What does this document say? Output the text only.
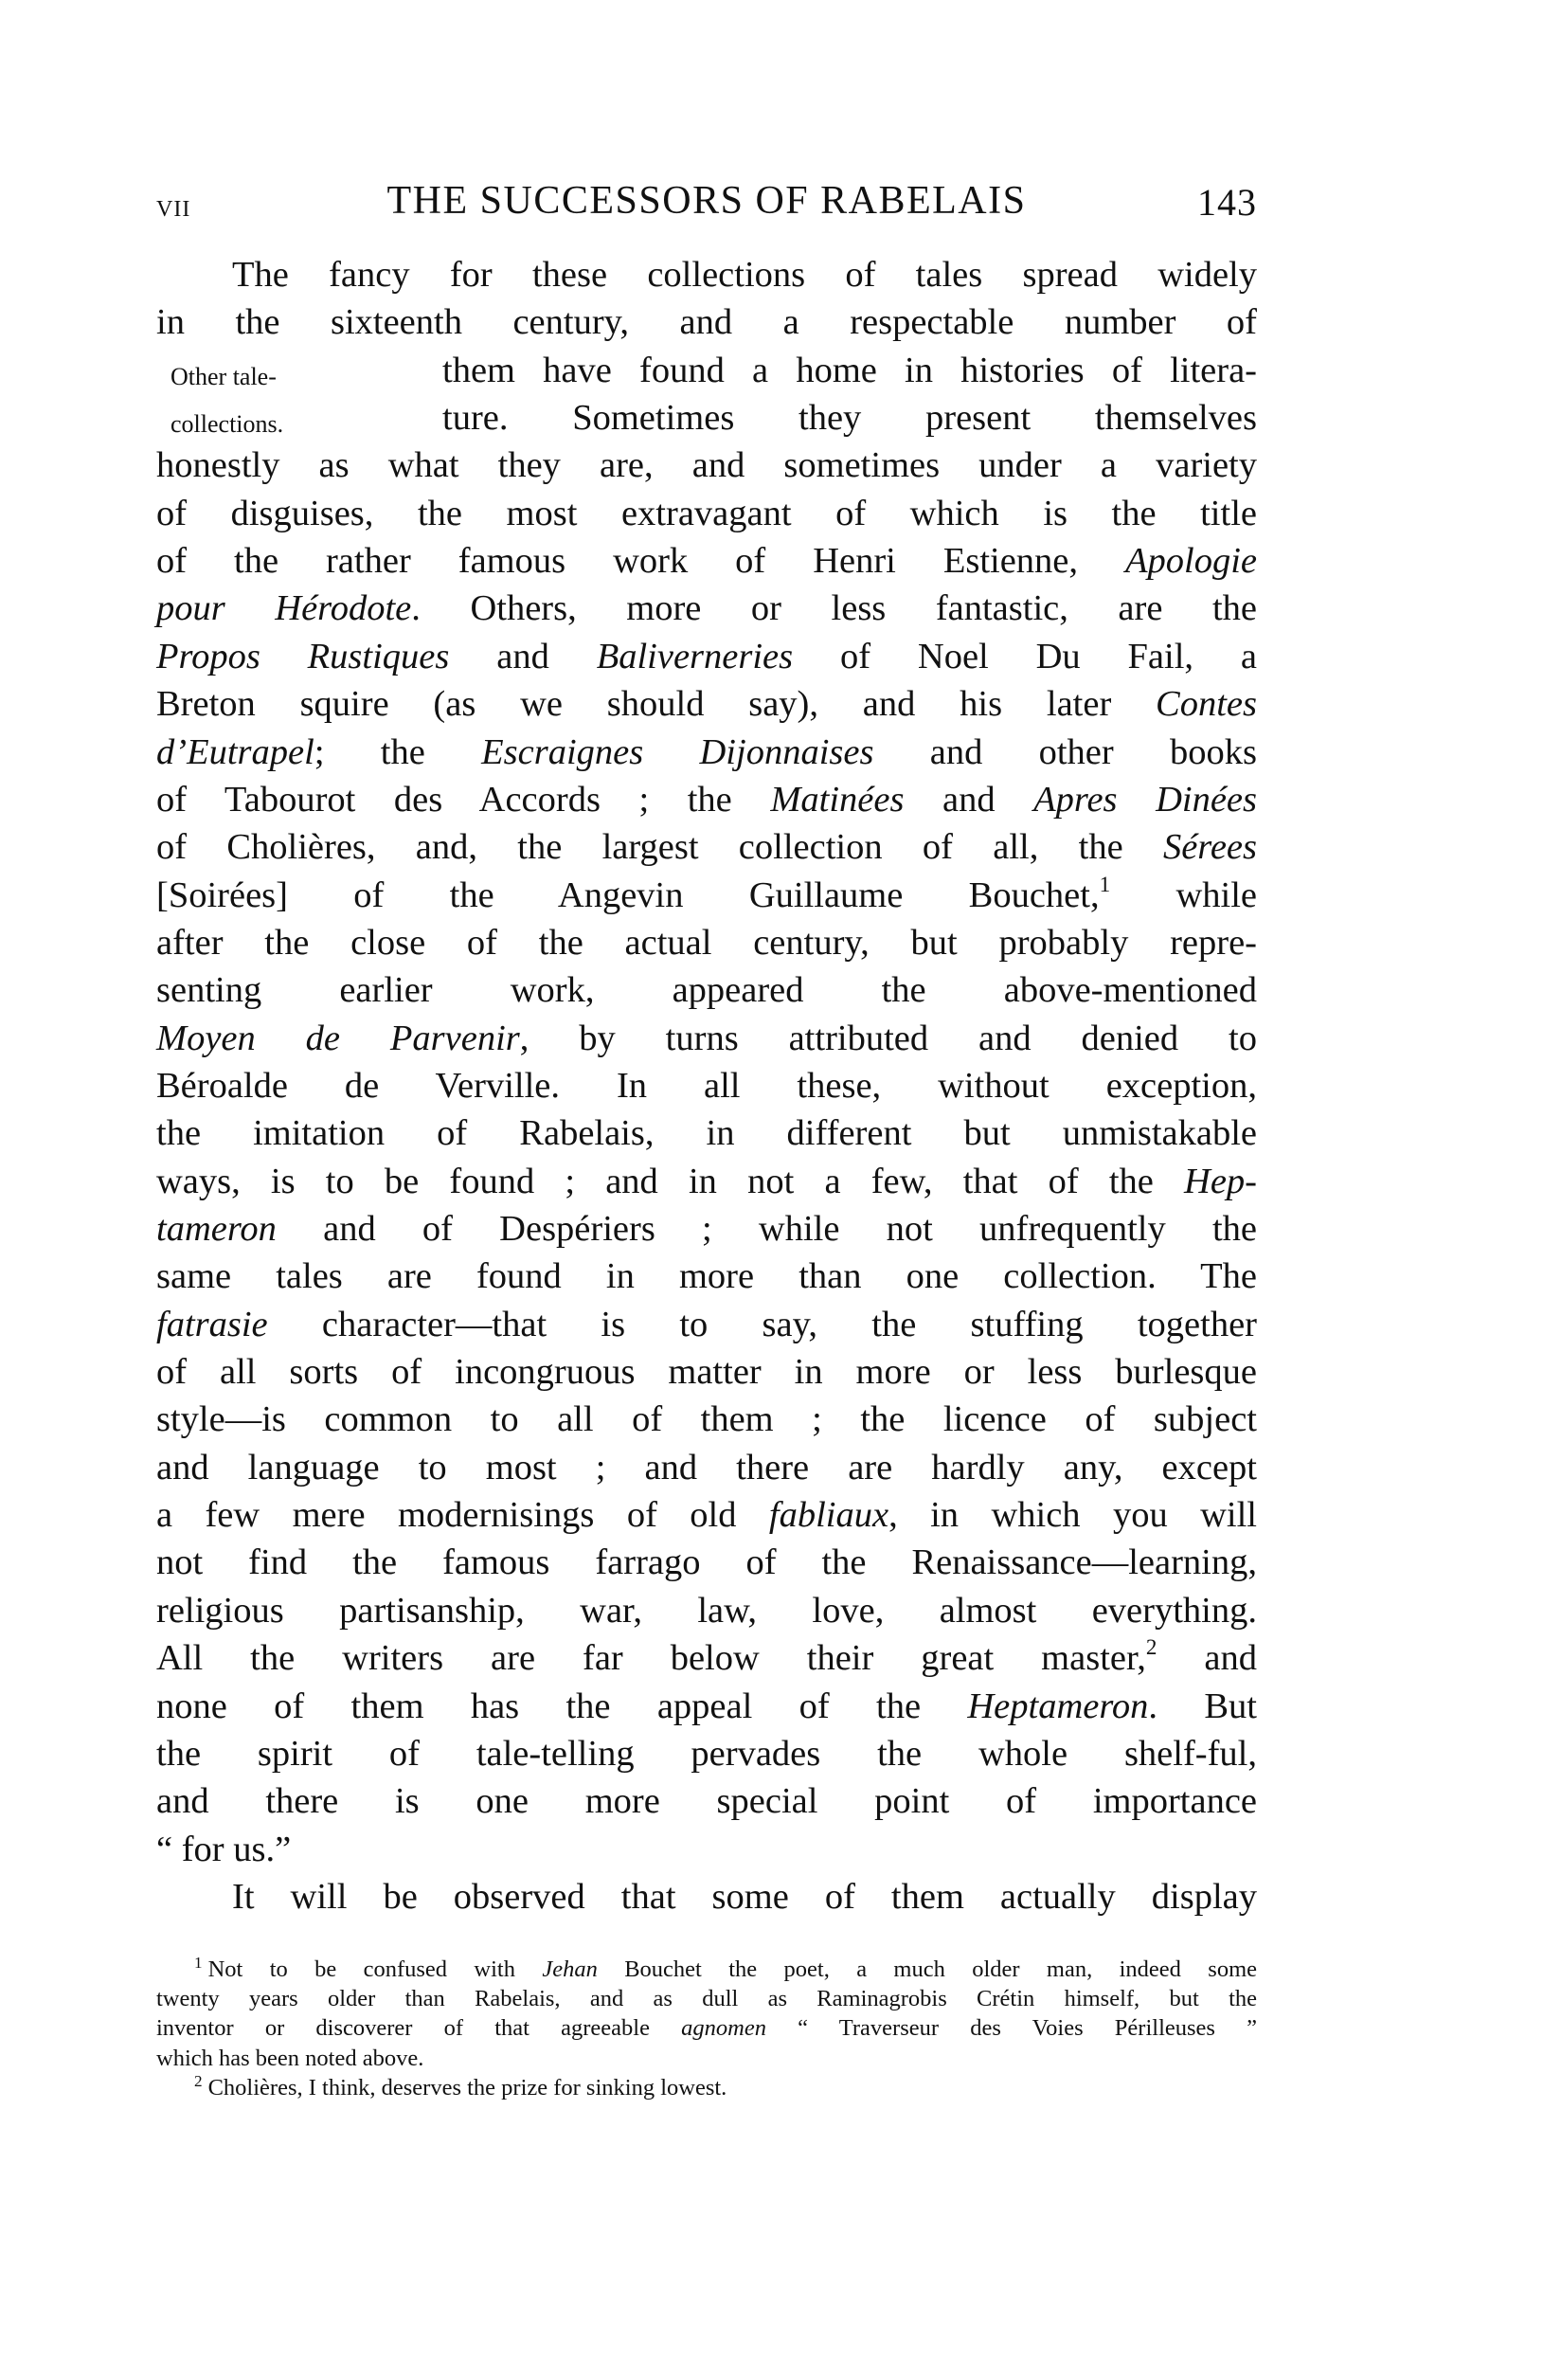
VII	THE SUCCESSORS OF RABELAIS	143
Other tale-
collections.
The fancy for these collections of tales spread widely
in the sixteenth century, and a respectable number of
them have found a home in histories of litera-
ture. Sometimes they present themselves
honestly as what they are, and sometimes under a variety
of disguises, the most extravagant of which is the title
of the rather famous work of Henri Estienne, Apologie
pour Hérodote. Others, more or less fantastic, are the
Propos Rustiques and Baliverneries of Noel Du Fail, a
Breton squire (as we should say), and his later Contes
d’Eutrapel; the Escraignes Dijonnaises and other books
of Tabourot des Accords ; the Matinées and Apres Dinées
of Cholières, and, the largest collection of all, the Sérees
[Soirées] of the Angevin Guillaume Bouchet,$^1$ while
after the close of the actual century, but probably repre-
senting earlier work, appeared the above-mentioned
Moyen de Parvenir, by turns attributed and denied to
Béroalde de Verville. In all these, without exception,
the imitation of Rabelais, in different but unmistakable
ways, is to be found ; and in not a few, that of the Hep-
tameron and of Despériers ; while not unfrequently the
same tales are found in more than one collection. The
fatrasie character—that is to say, the stuffing together
of all sorts of incongruous matter in more or less burlesque
style—is common to all of them ; the licence of subject
and language to most ; and there are hardly any, except
a few mere modernisings of old fabliaux, in which you will
not find the famous farrago of the Renaissance—learning,
religious partisanship, war, law, love, almost everything.
All the writers are far below their great master,$^2$ and
none of them has the appeal of the Heptameron. But
the spirit of tale-telling pervades the whole shelf-ful,
and there is one more special point of importance
“ for us.”
It will be observed that some of them actually display
$^1$ Not to be confused with Jehan Bouchet the poet, a much older man, indeed some
twenty years older than Rabelais, and as dull as Raminagrobis Crétin himself, but the
inventor or discoverer of that agreeable agnomen “ Traverseur des Voies Périlleuses ”
which has been noted above.
$^2$ Cholières, I think, deserves the prize for sinking lowest.
